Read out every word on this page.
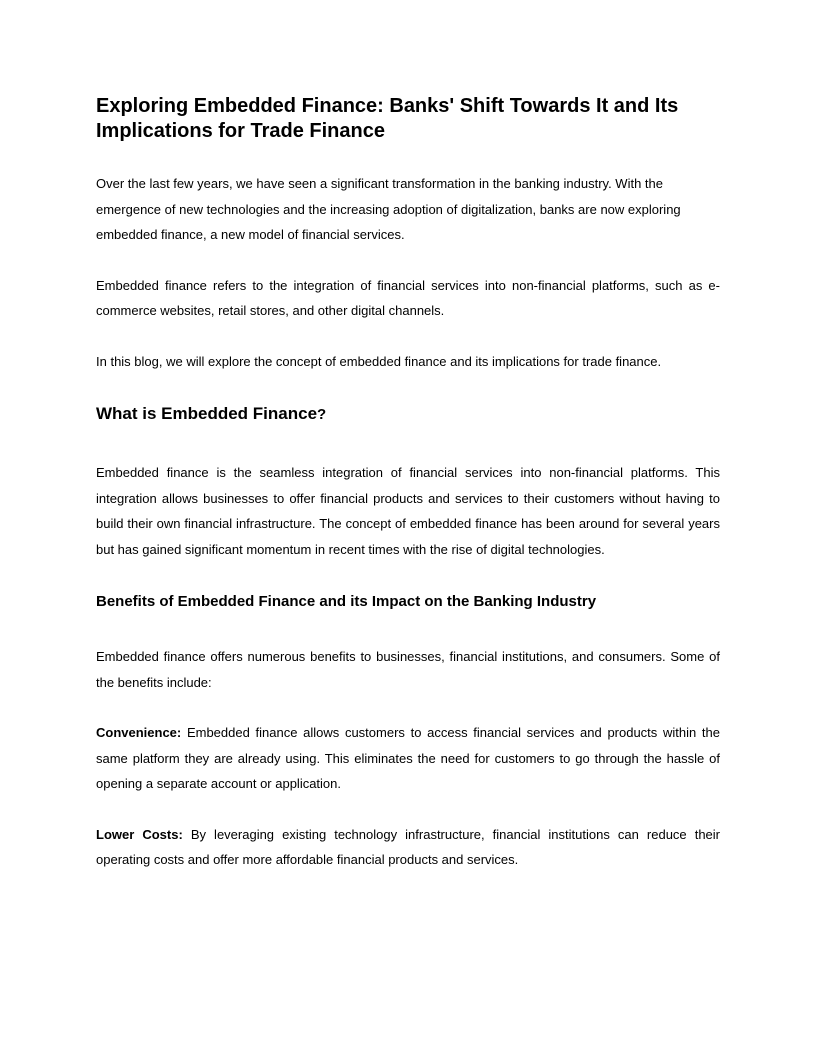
Exploring Embedded Finance: Banks' Shift Towards It and Its Implications for Trade Finance

Over the last few years, we have seen a significant transformation in the banking industry. With the emergence of new technologies and the increasing adoption of digitalization, banks are now exploring embedded finance, a new model of financial services.

Embedded finance refers to the integration of financial services into non-financial platforms, such as e-commerce websites, retail stores, and other digital channels.

In this blog, we will explore the concept of embedded finance and its implications for trade finance.

What is Embedded Finance?

Embedded finance is the seamless integration of financial services into non-financial platforms. This integration allows businesses to offer financial products and services to their customers without having to build their own financial infrastructure. The concept of embedded finance has been around for several years but has gained significant momentum in recent times with the rise of digital technologies.

Benefits of Embedded Finance and its Impact on the Banking Industry

Embedded finance offers numerous benefits to businesses, financial institutions, and consumers. Some of the benefits include:

Convenience: Embedded finance allows customers to access financial services and products within the same platform they are already using. This eliminates the need for customers to go through the hassle of opening a separate account or application.

Lower Costs: By leveraging existing technology infrastructure, financial institutions can reduce their operating costs and offer more affordable financial products and services.
